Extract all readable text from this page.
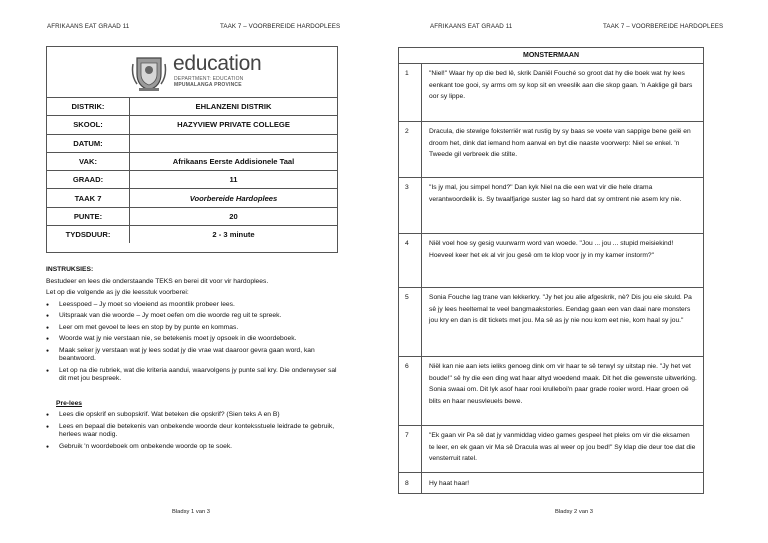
AFRIKAANS EAT GRAAD 11	TAAK 7 – VOORBEREIDE HARDOPLEES
education
DEPARTMENT: EDUCATION
MPUMALANGA PROVINCE
DISTRIK:	EHLANZENI DISTRIK
SKOOL:	HAZYVIEW PRIVATE COLLEGE
DATUM:
VAK:	Afrikaans Eerste Addisionele Taal
GRAAD:	11
TAAK 7	Voorbereide Hardoplees
PUNTE:	20
TYDSDUUR:	2 - 3 minute
INSTRUKSIES:
Bestudeer en lees die onderstaande TEKS en berei dit voor vir hardoplees.
Let op die volgende as jy die leesstuk voorberei:
● Leesspoed – Jy moet so vloeiend as moontlik probeer lees.
● Uitspraak van die woorde – Jy moet oefen om die woorde reg uit te spreek.
● Leer om met gevoel te lees en stop by by punte en kommas.
● Woorde wat jy nie verstaan nie, se betekenis moet jy opsoek in die woordeboek.
● Maak seker jy verstaan wat jy lees sodat jy die vrae wat daaroor gevra gaan word, kan beantwoord.
● Let op na die rubriek, wat die kriteria aandui, waarvolgens jy punte sal kry. Die onderwyser sal dit met jou bespreek.
Pre-lees
● Lees die opskrif en subopskrif. Wat beteken die opskrif? (Sien teks A en B)
● Lees en bepaal die betekenis van onbekende woorde deur konteksstuele leidrade te gebruik, herlees waar nodig.
● Gebruik 'n woordeboek om onbekende woorde op te soek.
Bladsy 1 van 3
AFRIKAANS EAT GRAAD 11	TAAK 7 – VOORBEREIDE HARDOPLEES
Bladsy 2 van 3
MONSTERMAAN
1	"Niel!" Waar hy op die bed lê, skrik Daniël Fouché so groot dat hy die boek wat hy lees eenkant toe gooi, sy arms om sy kop sit en vreeslik aan die skop gaan. 'n Aaklige gil bars oor sy lippe.
2	Dracula, die stewige foksterriër wat rustig by sy baas se voete van sappige bene geië en droom het, dink dat iemand hom aanval en byt die naaste voorwerp: Niel se enkel. 'n Tweede gil verbreek die stilte.
3	"Is jy mal, jou simpel hond?" Dan kyk Niel na die een wat vir die hele drama verantwoordelik is. Sy twaalfjarige suster lag so hard dat sy omtrent nie asem kry nie.
4	Niël voel hoe sy gesig vuurwarm word van woede. "Jou ... jou ... stupid meisiekind! Hoeveel keer het ek al vir jou gesê om te klop voor jy in my kamer instorm?"
5	Sonia Fouche lag trane van lekkerkry. "Jy het jou alie afgeskrik, nè? Dis jou eie skuld. Pa sê jy lees heeltemal te veel bangmaakstories. Eendag gaan een van daai nare monsters jou kry en dan is dit tickets met jou. Ma sê as jy nie nou kom eet nie, kom haal sy jou."
6	Niël kan nie aan iets ieliks genoeg dink om vir haar te sê terwyl sy uitstap nie. "Jy het vet boude!" sê hy die een ding wat haar altyd woedend maak. Dit het die gewenste uitwerking. Sonia swaai om. Dit lyk asof haar rooi krulleboi'n paar grade rooier word. Haar groen oë blits en haar neusvleuels bewe.
7	"Ek gaan vir Pa sê dat jy vanmiddag video games gespeel het pleks om vir die eksamen te leer, en ek gaan vir Ma sê Dracula was al weer op jou bed!" Sy klap die deur toe dat die vensterruit ratel.
8	Hy haat haar!
